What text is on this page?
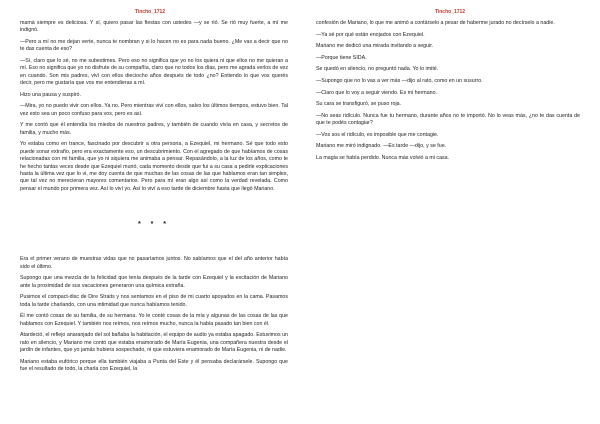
Tincho_1712

mamá siempre es deliciosa. Y sí, quiero pasar las fiestas con ustedes —y se rió. Se rió muy fuerte, a mí me indignó.

—Pero a mí no me dejan verte, nunca te nombran y si lo hacen no es para nada bueno. ¿Me vas a decir que no te das cuenta de eso?

—Sí, claro que lo sé, no me subestimes. Pero eso no significa que yo no los quiera ni que ellos no me quieran a mí. Eso no significa que yo no disfrute de su compañía, claro que no todos los días, pero me agrada verlos de vez en cuando. Son mis padres, viví con ellos dieciocho años después de todo ¿no? Entiendo lo que vos querés decir, pero me gustaría que vos me entendieras a mí.

Hizo una pausa y suspiró.

—Mira, yo no puedo vivir con ellos. Ya no. Pero mientras viví con ellos, salvo los últimos tiempos, estuvo bien. Tal vez esto sea un poco confuso para vos, pero es así.

Y me contó que él entendía los miedos de nuestros padres, y también de cuando vivía en casa, y secretos de familia, y mucho más.

Yo estaba como en trance, fascinado por descubrir a otra persona, a Ezequiel, mi hermano. Sé que todo esto puede sonar extraño, pero era exactamente eso, un descubrimiento. Con el agregado de que habíamos de cosas relacionadas con mi familia, que yo ni siquiera me animaba a pensar. Repasándolo, a la luz de los años, como te he hecho tantas veces desde que Ezequiel murió, cada momento desde que fui a su casa a pedirle explicaciones hasta la última vez que lo vi, me doy cuenta de que muchas de las cosas de las que hablamos eran tan simples, que tal vez no merecieran mayores comentarios. Pero para mí eran algo así como la verdad revelada. Como pensar el mundo por primera vez. Así lo viví yo. Así lo viví a eso tarde de diciembre hasta que llegó Mariano.

* * *

Era el primer verano de muestras vidas que no pasaríamos juntos. No sabíamos que el del año anterior había sido el último.

Supongo que una mezcla de la felicidad que tenía después de la tarde con Ezequiel y la excitación de Mariano ante la proximidad de sus vacaciones generaron una química extraña.

Pusimos el compact-disc de Dire Straits y nos sentamos en el piso de mi cuarto apoyados en la cama. Pasamos toda la tarde charlando, con una intimidad que nunca habíamos tenido.

Él me contó cosas de su familia, de su hermana. Yo le conté cosas de la mía y algunas de las cosas de las que hablamos con Ezequiel. Y también nos reímos, nos reímos mucho, nunca la había pasado tan bien con él.

Atardeció, el reflejo anaranjado del sol bañaba la habitación, el equipo de audio ya estaba apagado. Estuvimos un rato en silencio, y Mariano me contó que estaba enamorado de María Eugenia, una compañera nuestra desde el jardín de infantes, que yo jamás hubiera sospechado, ni que estuviera enamorado de María Eugenia, ni de nadie.

Mariano estaba eufórico porque ella también viajaba a Punta del Este y él pensaba declarársele. Supongo que fue el resultado de todo, la charla con Ezequiel, la

Tincho_1712

confesión de Mariano, lo que me animó a contárselo a pesar de haberme jurado no decírselo a nadie.

—Ya sé por qué están enojados con Ezequiel.

Mariano me dedicó una mirada invitando a seguir.

—Porque tiene SIDA.

Se quedó en silencio, no preguntó nada. Yo lo imité.

—Supongo que no lo vas a ver más —dijo al rato, como en un susurro.

—Claro que lo voy a seguir viendo. Es mi hermano.

Su cara se transfiguró, se puso roja.

—No seas ridículo. Nunca fue tu hermano, durante años no te importó. No lo veas más, ¿no te das cuenta de que te podés contagiar?

—Vos sos el ridículo, es imposible que me contagie.

Mariano me miró indignado. —Es tarde —dijo, y se fue.

La magia se había perdido. Nunca más volvió a mi casa.
